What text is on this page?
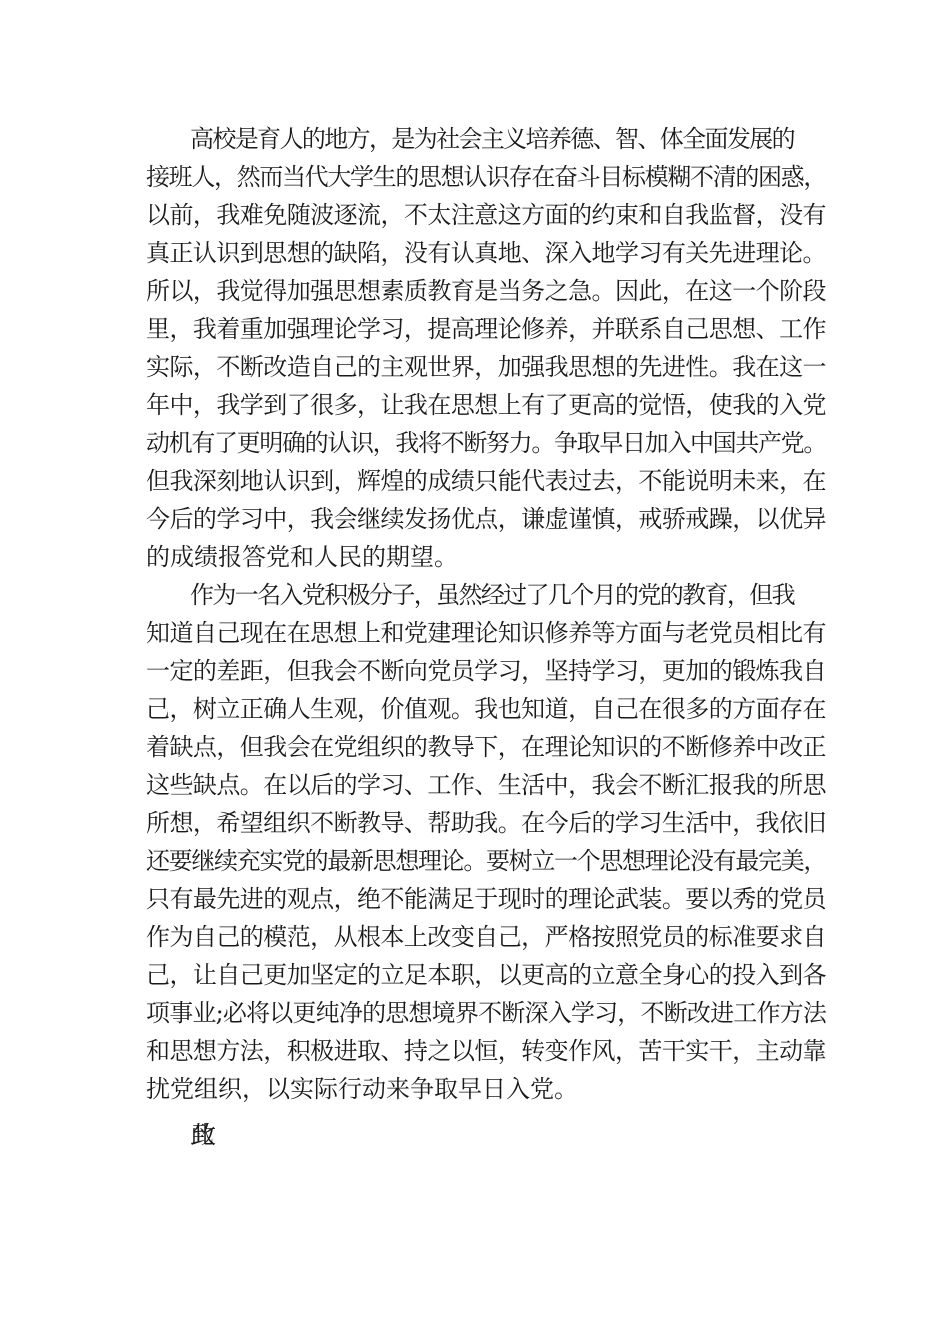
高校是育人的地方，是为社会主义培养德、智、体全面发展的
接班人，然而当代大学生的思想认识存在奋斗目标模糊不清的困惑，
以前，我难免随波逐流，不太注意这方面的约束和自我监督，没有
真正认识到思想的缺陷，没有认真地、深入地学习有关先进理论。
所以，我觉得加强思想素质教育是当务之急。因此，在这一个阶段
里，我着重加强理论学习，提高理论修养，并联系自己思想、工作
实际，不断改造自己的主观世界，加强我思想的先进性。我在这一
年中，我学到了很多，让我在思想上有了更高的觉悟，使我的入党
动机有了更明确的认识，我将不断努力。争取早日加入中国共产党。
但我深刻地认识到，辉煌的成绩只能代表过去，不能说明未来，在
今后的学习中，我会继续发扬优点，谦虚谨慎，戒骄戒躁，以优异
的成绩报答党和人民的期望。
作为一名入党积极分子，虽然经过了几个月的党的教育，但我
知道自己现在在思想上和党建理论知识修养等方面与老党员相比有
一定的差距，但我会不断向党员学习，坚持学习，更加的锻炼我自
己，树立正确人生观，价值观。我也知道，自己在很多的方面存在
着缺点，但我会在党组织的教导下，在理论知识的不断修养中改正
这些缺点。在以后的学习、工作、生活中，我会不断汇报我的所思
所想，希望组织不断教导、帮助我。在今后的学习生活中，我依旧
还要继续充实党的最新思想理论。要树立一个思想理论没有最完美，
只有最先进的观点，绝不能满足于现时的理论武装。要以秀的党员
作为自己的模范，从根本上改变自己，严格按照党员的标准要求自
己，让自己更加坚定的立足本职，以更高的立意全身心的投入到各
项事业;必将以更纯净的思想境界不断深入学习，不断改进工作方法
和思想方法，积极进取、持之以恒，转变作风，苦干实干，主动靠
扰党组织，以实际行动来争取早日入党。
此致
